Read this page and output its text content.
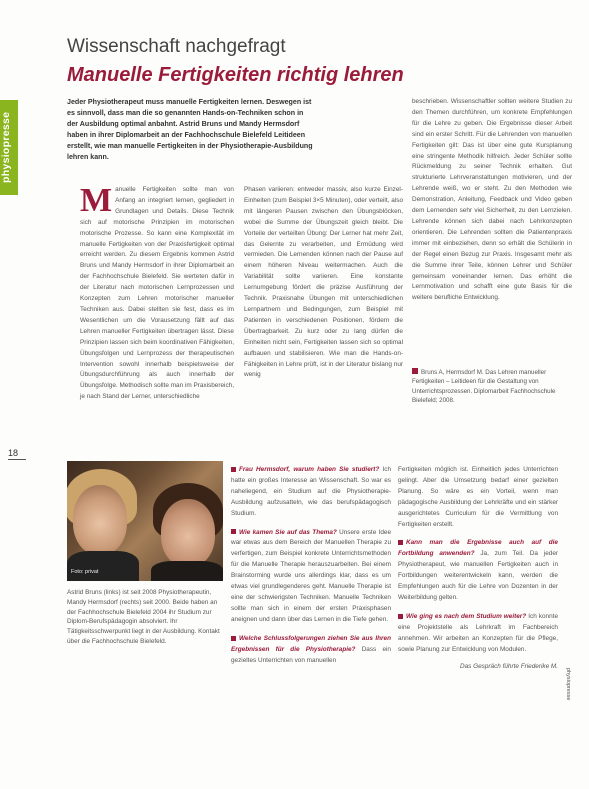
physiopresse
18
Wissenschaft nachgefragt
Manuelle Fertigkeiten richtig lehren
Jeder Physiotherapeut muss manuelle Fertigkeiten lernen. Deswegen ist es sinnvoll, dass man die so genannten Hands-on-Techniken schon in der Ausbildung optimal anbahnt. Astrid Bruns und Mandy Hermsdorf haben in ihrer Diplomarbeit an der Fachhochschule Bielefeld Leitideen erstellt, wie man manuelle Fertigkeiten in der Physiotherapie-Ausbildung lehren kann.
M anuelle Fertigkeiten sollte man von Anfang an integriert lernen, gegliedert in Grundlagen und Details. Diese Technik sich auf motorische Prinzipien im motorischen motorische Prozesse. So kann eine Komplexität im manuelle Fertigkeiten von der Praxisfertigkeit optimal erreicht werden. Zu diesem Ergebnis kommen Astrid Bruns und Mandy Hermsdorf in ihrer Diplomarbeit an der Fachhochschule Bielefeld. Sie werteten dafür in der Literatur nach motorischen Lernprozessen und Konzepten zum Lehren motorischer manueller Techniken aus. Dabei stellten sie fest, dass es im Wesentlichen um die Vorausetzung fällt auf das Lehren manueller Fertigkeiten übertragen lässt. Diese Prinzipien lassen sich beim koordinativen Fähigkeiten, Übungsfolgen und Lernprozess der therapeutischen Intervention sowohl innerhalb beispielsweise der Übungsdurchführung als auch innerhalb der Übungsfolge. Methodisch sollte man im Praxisbereich, je nach Stand der Lerner, unterschiedliche

Phasen variieren: entweder massiv, also kurze Einzel-Einheiten (zum Beispiel 3×5 Minuten), oder verteilt, also mit längeren Pausen zwischen den Übungsblöcken, wobei die Summe der Übungszeit gleich bleibt. Die Vorteile der verteilten Übung: Der Lerner hat mehr Zeit, das Gelernte zu verarbeiten, und Ermüdung wird vermieden. Die Lernenden können nach der Pause auf einem höheren Niveau weitermachen. Auch die Variabilität sollte variieren. Eine konstante Lernumgebung fördert die präzise Ausführung der Technik. Praxisnahe Übungen mit unterschiedlichen Lernpartnern und Bedingungen, zum Beispiel mit Patienten in verschiedenen Positionen, fördern die Übertragbarkeit. Zu kurz oder zu lang dürfen die Einheiten nicht sein, Fertigkeiten lassen sich so optimal aufbauen und stabilisieren. Wie man die Hands-on-Fähigkeiten in Lehre prüft, ist in der Literatur bislang nur wenig

beschrieben. Wissenschaftler sollten weitere Studien zu den Themen durchführen, um konkrete Empfehlungen für die Lehre zu geben. Die Ergebnisse dieser Arbeit sind ein erster Schritt. Für die Lehrenden von manuellen Fertigkeiten gilt: Das ist über eine gute Kursplanung eine stringente Methodik hilfreich. Jeder Schüler sollte Rückmeldung zu seiner Technik erhalten. Gut strukturierte Lehrveranstaltungen motivieren, und der Lehrende weiß, wo er steht. Zu den Methoden wie Demonstration, Anleitung, Feedback und Video geben dem Lernenden sehr viel Sicherheit, zu den Lernzielen. Lehrende können sich dabei nach Lehrkonzepten orientieren. Die Lehrenden sollten die Patientenpraxis immer mit einbeziehen, denn so erhält die Schülerin in der Regel einen Bezug zur Praxis. Insgesamt mehr als die Summe ihrer Teile, können Lehrer und Schüler gemeinsam voneinander lernen. Das erhöht die Lernmotivation und schafft eine gute Basis für die weitere berufliche Entwicklung.

Bruns A, Hermsdorf M. Das Lehren manueller Fertigkeiten – Leitideen für die Gestaltung von Unterrichtsprozessen. Diplomarbeit Fachhochschule Bielefeld; 2008.
Foto: privat
Astrid Bruns (links) ist seit 2008 Physiotherapeutin, Mandy Hermsdorf (rechts) seit 2000. Beide haben an der Fachhochschule Bielefeld 2004 ihr Studium zur Diplom-Berufspädagogin absolviert. Ihr Tätigkeitsschwerpunkt liegt in der Ausbildung. Kontakt über die Fachhochschule Bielefeld.
Frau Hermsdorf, warum haben Sie studiert? Ich hatte ein großes Interesse an Wissenschaft. So war es naheliegend, ein Studium auf die Physiotherapie-Ausbildung aufzusatteln, wie das berufspädagogisch Studium.
Wie kamen Sie auf das Thema? Unsere erste Idee war etwas aus dem Bereich der Manuellen Therapie zu verfertigen, zum Beispiel konkrete Unterrichtsmethoden für die Manuelle Therapie herauszuarbeiten. Bei einem Brainstorming wurde uns allerdings klar, dass es um etwas viel grundlegenderes geht. Manuelle Therapie ist eine der schwierigsten Techniken. Manuelle Techniken sollte man sich in einem der ersten Praxisphasen aneignen und dann über das Lernen in die Tiefe gehen.
Welche Schlussfolgerungen ziehen Sie aus Ihren Ergebnissen für die Physiotherapie? Dass ein gezieltes Unterrichten von manuellen
Fertigkeiten möglich ist. Einheitlich jedes Unterrichten gelingt. Aber die Umsetzung bedarf einer gezielten Planung. So wäre es ein Vorteil, wenn man pädagogische Ausbildung der Lehrkräfte und ein stärker ausgerichtetes Curriculum für die Vermittlung von Fertigkeiten erstellt.
Kann man die Ergebnisse auch auf die Fortbildung anwenden? Ja, zum Teil. Da jeder Physiotherapeut, wie manuellen Fertigkeiten auch in Fortbildungen weiterentwickeln kann, werden die Empfehlungen auch für die Lehre von Dozenten in der Weiterbildung gelten.
Wie ging es nach dem Studium weiter? Ich konnte eine Projektstelle als Lehrkraft im Fachbereich annehmen. Wir arbeiten an Konzepten für die Pflege, sowie Planung zur Entwicklung von Modulen.
Das Gespräch führte Friederike M.
physiopresse
